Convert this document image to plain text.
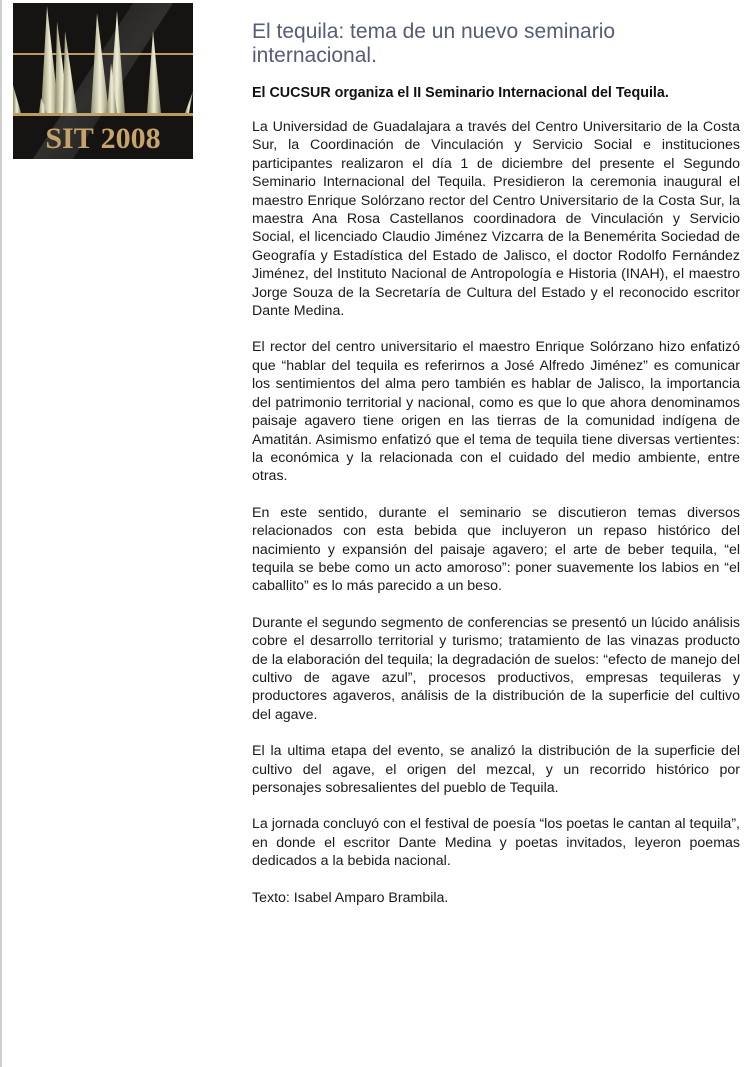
SIT 2008
El tequila: tema de un nuevo seminario internacional.
El CUCSUR organiza el II Seminario Internacional del Tequila.

La Universidad de Guadalajara a través del Centro Universitario de la Costa Sur, la Coordinación de Vinculación y Servicio Social e instituciones participantes realizaron el día 1 de diciembre del presente el Segundo Seminario Internacional del Tequila. Presidieron la ceremonia inaugural el maestro Enrique Solórzano rector del Centro Universitario de la Costa Sur, la maestra Ana Rosa Castellanos coordinadora de Vinculación y Servicio Social, el licenciado Claudio Jiménez Vizcarra de la Benemérita Sociedad de Geografía y Estadística del Estado de Jalisco, el doctor Rodolfo Fernández Jiménez, del Instituto Nacional de Antropología e Historia (INAH), el maestro Jorge Souza de la Secretaría de Cultura del Estado y el reconocido escritor Dante Medina.

El rector del centro universitario el maestro Enrique Solórzano hizo enfatizó que “hablar del tequila es referirnos a José Alfredo Jiménez” es comunicar los sentimientos del alma pero también es hablar de Jalisco, la importancia del patrimonio territorial y nacional, como es que lo que ahora denominamos paisaje agavero tiene origen en las tierras de la comunidad indígena de Amatitán. Asimismo enfatizó que el tema de tequila tiene diversas vertientes: la económica y la relacionada con el cuidado del medio ambiente, entre otras.

En este sentido, durante el seminario se discutieron temas diversos relacionados con esta bebida que incluyeron un repaso histórico del nacimiento y expansión del paisaje agavero; el arte de beber tequila, “el tequila se bebe como un acto amoroso”: poner suavemente los labios en “el caballito” es lo más parecido a un beso.

Durante el segundo segmento de conferencias se presentó un lúcido análisis cobre el desarrollo territorial y turismo; tratamiento de las vinazas producto de la elaboración del tequila; la degradación de suelos: “efecto de manejo del cultivo de agave azul”, procesos productivos, empresas tequileras y productores agaveros, análisis de la distribución de la superficie del cultivo del agave.

El la ultima etapa del evento, se analizó la distribución de la superficie del cultivo del agave, el origen del mezcal, y un recorrido histórico por personajes sobresalientes del pueblo de Tequila.

La jornada concluyó con el festival de poesía “los poetas le cantan al tequila”, en donde el escritor Dante Medina y poetas invitados, leyeron poemas dedicados a la bebida nacional.

Texto: Isabel Amparo Brambila.
